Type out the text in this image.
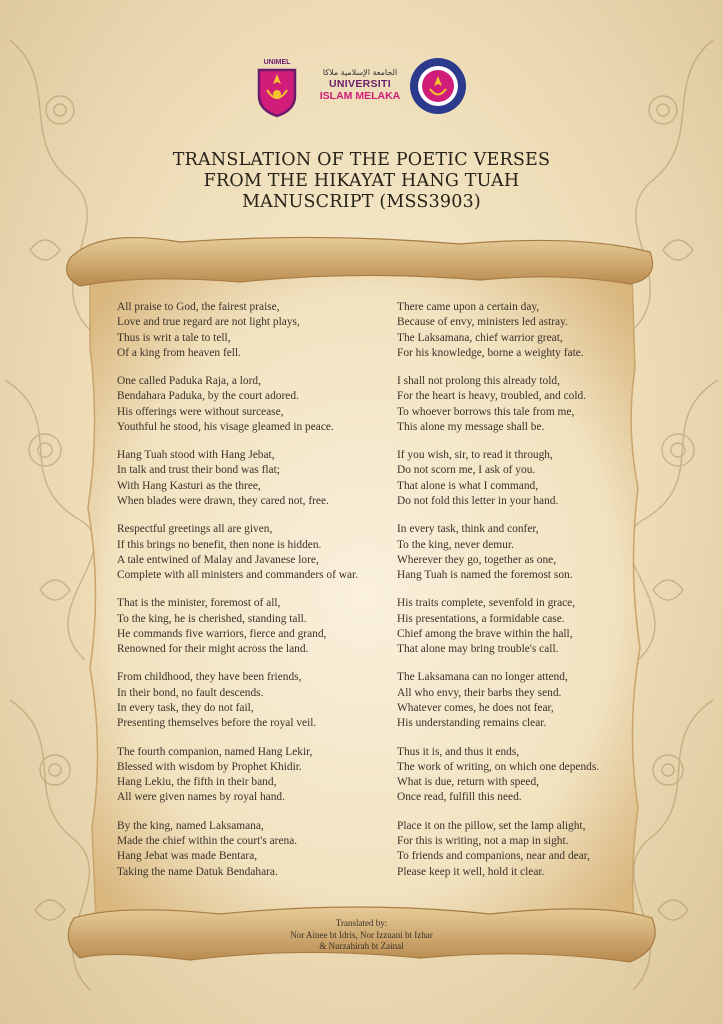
UNIMEL
الجامعة الإسلامية ملاكا
UNIVERSITI
ISLAM MELAKA
TRANSLATION OF THE POETIC VERSES
FROM THE HIKAYAT HANG TUAH
MANUSCRIPT (MSS3903)
All praise to God, the fairest praise,
Love and true regard are not light plays,
Thus is writ a tale to tell,
Of a king from heaven fell.
One called Paduka Raja, a lord,
Bendahara Paduka, by the court adored.
His offerings were without surcease,
Youthful he stood, his visage gleamed in peace.
Hang Tuah stood with Hang Jebat,
In talk and trust their bond was flat;
With Hang Kasturi as the three,
When blades were drawn, they cared not, free.
Respectful greetings all are given,
If this brings no benefit, then none is hidden.
A tale entwined of Malay and Javanese lore,
Complete with all ministers and commanders of war.
That is the minister, foremost of all,
To the king, he is cherished, standing tall.
He commands five warriors, fierce and grand,
Renowned for their might across the land.
From childhood, they have been friends,
In their bond, no fault descends.
In every task, they do not fail,
Presenting themselves before the royal veil.
The fourth companion, named Hang Lekir,
Blessed with wisdom by Prophet Khidir.
Hang Lekiu, the fifth in their band,
All were given names by royal hand.
By the king, named Laksamana,
Made the chief within the court's arena.
Hang Jebat was made Bentara,
Taking the name Datuk Bendahara.
There came upon a certain day,
Because of envy, ministers led astray.
The Laksamana, chief warrior great,
For his knowledge, borne a weighty fate.
I shall not prolong this already told,
For the heart is heavy, troubled, and cold.
To whoever borrows this tale from me,
This alone my message shall be.
If you wish, sir, to read it through,
Do not scorn me, I ask of you.
That alone is what I command,
Do not fold this letter in your hand.
In every task, think and confer,
To the king, never demur.
Wherever they go, together as one,
Hang Tuah is named the foremost son.
His traits complete, sevenfold in grace,
His presentations, a formidable case.
Chief among the brave within the hall,
That alone may bring trouble's call.
The Laksamana can no longer attend,
All who envy, their barbs they send.
Whatever comes, he does not fear,
His understanding remains clear.
Thus it is, and thus it ends,
The work of writing, on which one depends.
What is due, return with speed,
Once read, fulfill this need.
Place it on the pillow, set the lamp alight,
For this is writing, not a map in sight.
To friends and companions, near and dear,
Please keep it well, hold it clear.
Translated by:
Nor Ainee bt Idris, Nor Izzuani bt Izhar
& Nurzahirah bt Zainal
